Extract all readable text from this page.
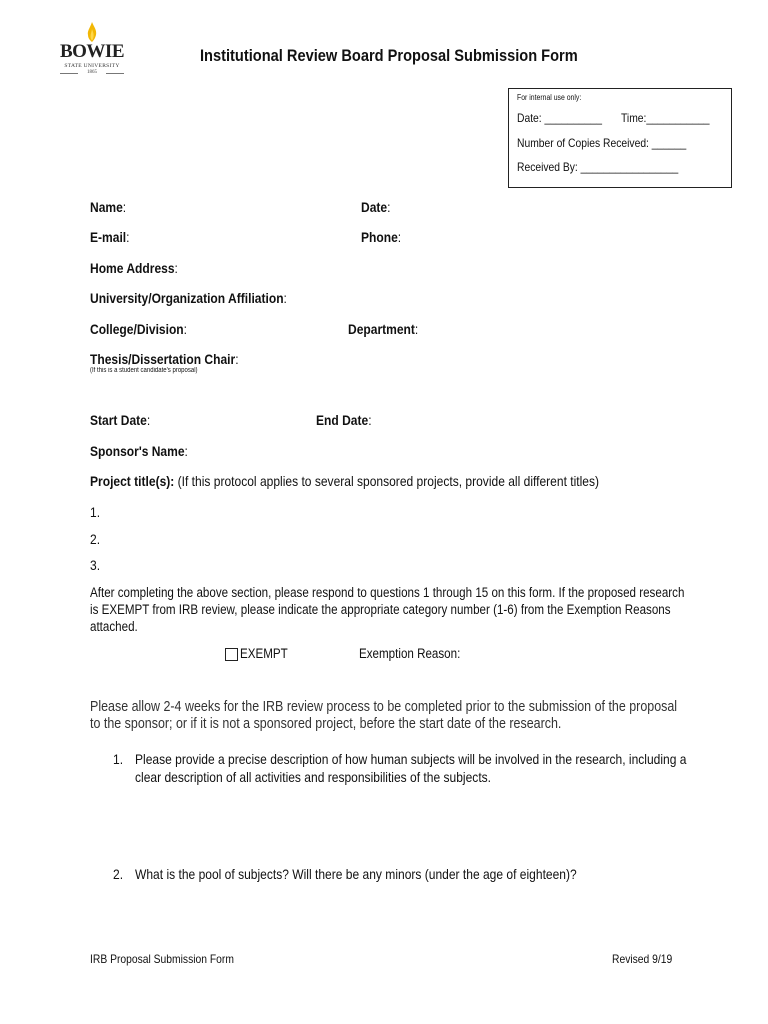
BOWIE
STATE UNIVERSITY
1865
Institutional Review Board Proposal Submission Form
For internal use only:
Date: __________ Time:___________
Number of Copies Received: ______
Received By: _________________
Name:	Date:
E-mail:	Phone:
Home Address:
University/Organization Affiliation:
College/Division:	Department:
Thesis/Dissertation Chair:
(If this is a student candidate's proposal)
Start Date:	End Date:
Sponsor's Name:
Project title(s): (If this protocol applies to several sponsored projects, provide all different titles)
1.
2.
3.
After completing the above section, please respond to questions 1 through 15 on this form. If the proposed research
is EXEMPT from IRB review, please indicate the appropriate category number (1-6) from the Exemption Reasons
attached.
EXEMPT	Exemption Reason:
Please allow 2-4 weeks for the IRB review process to be completed prior to the submission of the proposal
to the sponsor; or if it is not a sponsored project, before the start date of the research.
1. Please provide a precise description of how human subjects will be involved in the research, including a
clear description of all activities and responsibilities of the subjects.
2. What is the pool of subjects? Will there be any minors (under the age of eighteen)?
IRB Proposal Submission Form	Revised 9/19
